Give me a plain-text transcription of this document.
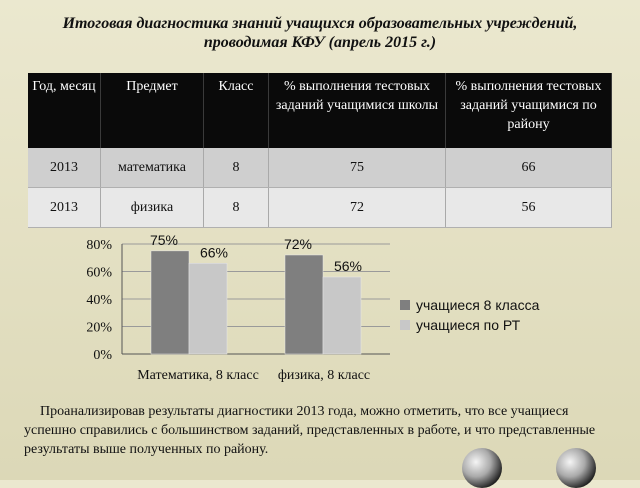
Итоговая диагностика знаний учащихся образовательных учреждений, проводимая КФУ (апрель 2015 г.)
Год, месяц	Предмет	Класс	% выполнения тестовых заданий учащимися школы	% выполнения тестовых заданий учащимися по району
2013	математика	8	75	66
2013	физика	8	72	56
0%
20%
40%
60%
80%	75%
66%
72%
56%
Математика, 8 класс	физика, 8 класс
учащиеся 8 класса
учащиеся по РТ
Проанализировав результаты диагностики 2013 года, можно отметить, что все учащиеся успешно справились с большинством заданий, представленных в работе, и что представленные результаты выше полученных по району.
